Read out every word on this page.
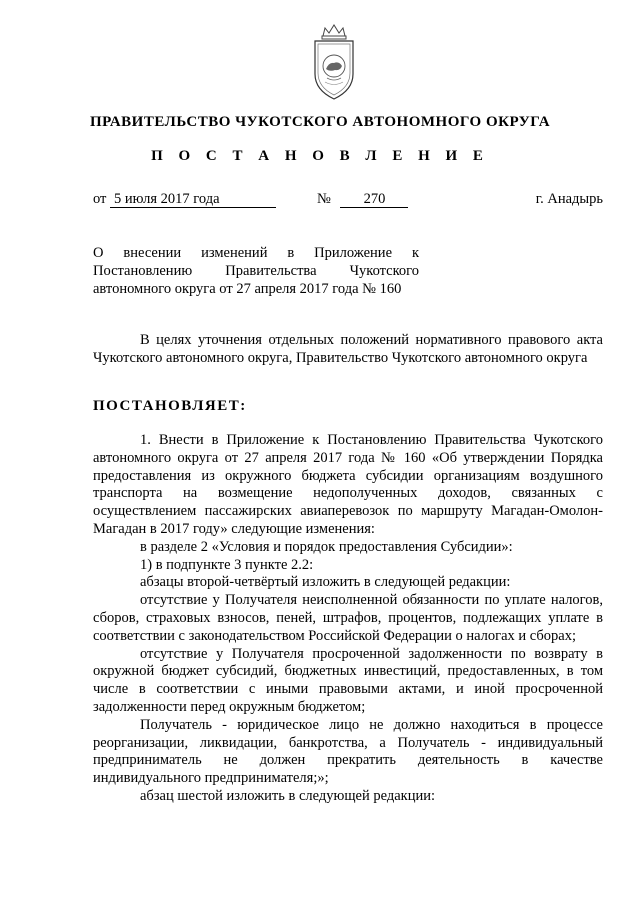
ПРАВИТЕЛЬСТВО ЧУКОТСКОГО АВТОНОМНОГО ОКРУГА
П О С Т А Н О В Л Е Н И Е
от 5 июля 2017 года	№ 270	г. Анадырь
О внесении изменений в Приложение к Постановлению Правительства Чукотского автономного округа от 27 апреля 2017 года № 160
В целях уточнения отдельных положений нормативного правового акта Чукотского автономного округа, Правительство Чукотского автономного округа
ПОСТАНОВЛЯЕТ:

1. Внести в Приложение к Постановлению Правительства Чукотского автономного округа от 27 апреля 2017 года № 160 «Об утверждении Порядка предоставления из окружного бюджета субсидии организациям воздушного транспорта на возмещение недополученных доходов, связанных с осуществлением пассажирских авиаперевозок по маршруту Магадан-Омолон-Магадан в 2017 году» следующие изменения:

в разделе 2 «Условия и порядок предоставления Субсидии»:

1) в подпункте 3 пункте 2.2:

абзацы второй-четвёртый изложить в следующей редакции:

отсутствие у Получателя неисполненной обязанности по уплате налогов, сборов, страховых взносов, пеней, штрафов, процентов, подлежащих уплате в соответствии с законодательством Российской Федерации о налогах и сборах;

отсутствие у Получателя просроченной задолженности по возврату в окружной бюджет субсидий, бюджетных инвестиций, предоставленных, в том числе в соответствии с иными правовыми актами, и иной просроченной задолженности перед окружным бюджетом;

Получатель - юридическое лицо не должно находиться в процессе реорганизации, ликвидации, банкротства, а Получатель - индивидуальный предприниматель не должен прекратить деятельность в качестве индивидуального предпринимателя;»;

абзац шестой изложить в следующей редакции:
